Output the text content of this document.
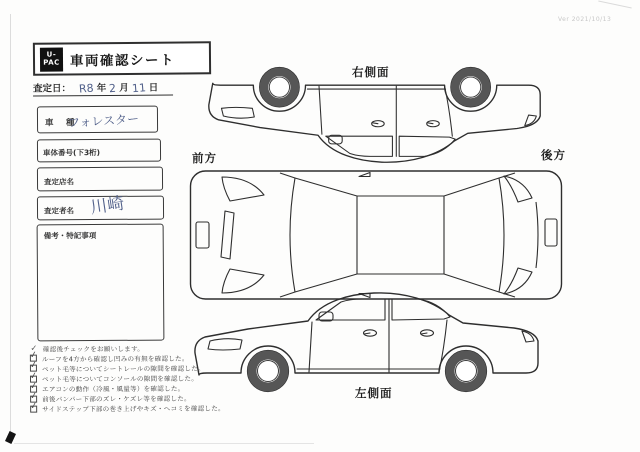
Ver 2021/10/13
U-
PAC 車両確認シート
査定日： R8 年 2 月 11 日
車　種
フォレスター
車体番号(下3桁)
査定店名
査定者名 川崎
備考・特記事項
✓ 確認後チェックをお願いします。
✓ ルーフを4方から確認し凹みの有無を確認した。
✓ ペット毛等についてシートレールの隙間を確認した。
✓ ペット毛等についてコンソールの隙間を確認した。
✓ エアコンの動作（冷風・風量等）を確認した。
✓ 前後バンパー下部のズレ・ケズレ等を確認した。
✓ サイドステップ下部の巻き上げやキズ・ヘコミを確認した。
右側面
前方	後方
左側面
